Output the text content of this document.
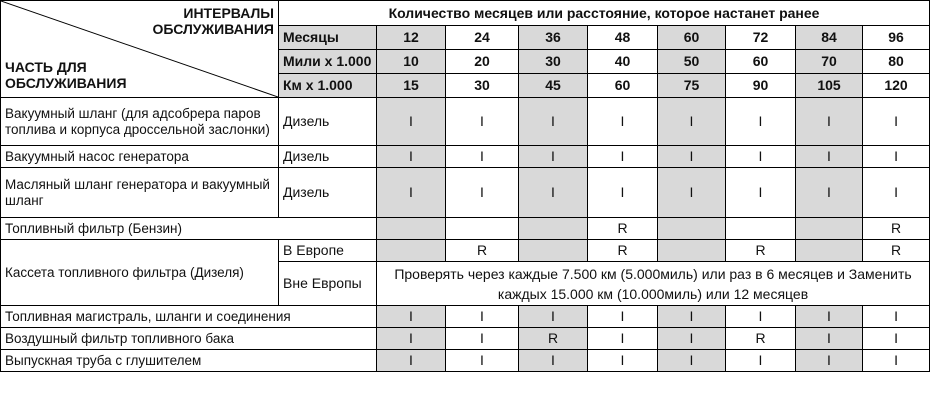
ИНТЕРВАЛЫ
ОБСЛУЖИВАНИЯ
ЧАСТЬ ДЛЯ
ОБСЛУЖИВАНИЯ	Количество месяцев или расстояние, которое настанет ранее								
	Месяцы	12	24	36	48	60	72	84	96
	Мили x 1.000	10	20	30	40	50	60	70	80
	Км x 1.000	15	30	45	60	75	90	105	120
Вакуумный шланг (для адсобрера паров топлива и корпуса дроссельной заслонки)	Дизель	I	I	I	I	I	I	I	I
Вакуумный насос генератора	Дизель	I	I	I	I	I	I	I	I
Масляный шланг генератора и вакуумный шланг	Дизель	I	I	I	I	I	I	I	I
Топливный фильтр (Бензин)					R				R
Кассета топливного фильтра (Дизеля)	В Европе		R		R		R		R
	Вне Европы	Проверять через каждые 7.500 км (5.000миль) или раз в 6 месяцев и Заменить каждых 15.000 км (10.000миль) или 12 месяцев							
Топливная магистраль, шланги и соединения		I	I	I	I	I	I	I	I
Воздушный фильтр топливного бака		I	I	R	I	I	R	I	I
Выпускная труба с глушителем		I	I	I	I	I	I	I	I
